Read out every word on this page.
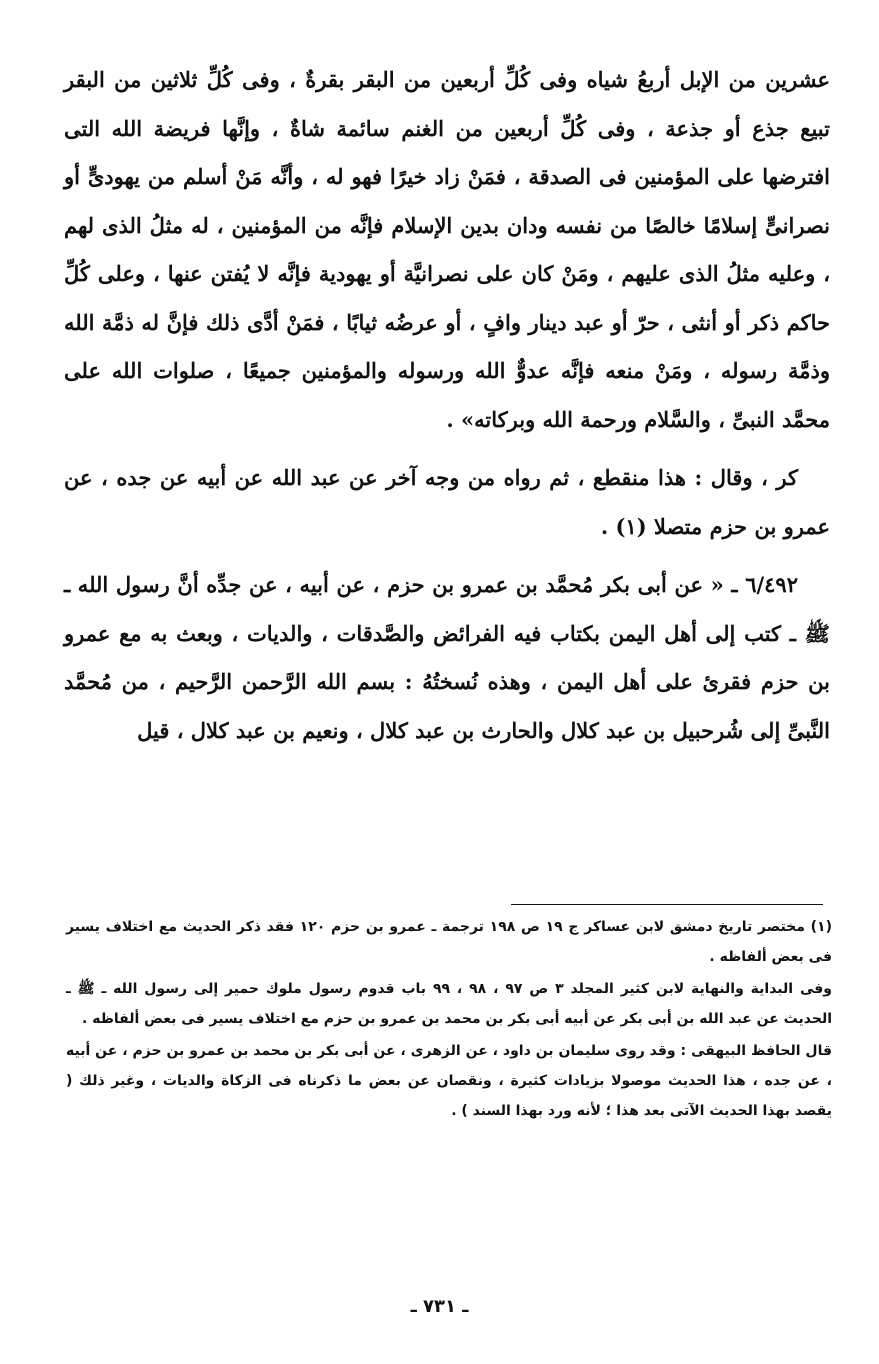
عشرين من الإبل أربعُ شياه وفى كُلِّ أربعين من البقر بقرةٌ ، وفى كُلِّ ثلاثين من البقر تبيع جذع أو جذعة ، وفى كُلِّ أربعين من الغنم سائمة شاةٌ ، وإنَّها فريضة الله التى افترضها على المؤمنين فى الصدقة ، فمَنْ زاد خيرًا فهو له ، وأنَّه مَنْ أسلم من يهودىٍّ أو نصرانىٍّ إسلامًا خالصًا من نفسه ودان بدين الإسلام فإنَّه من المؤمنين ، له مثلُ الذى لهم ، وعليه مثلُ الذى عليهم ، ومَنْ كان على نصرانيَّة أو يهودية فإنَّه لا يُفتن عنها ، وعلى كُلِّ حاكم ذكر أو أنثى ، حرّ أو عبد دينار وافٍ ، أو عرضُه ثيابًا ، فمَنْ أدَّى ذلك فإنَّ له ذمَّة الله وذمَّة رسوله ، ومَنْ منعه فإنَّه عدوٌّ الله ورسوله والمؤمنين جميعًا ، صلوات الله على محمَّد النبىِّ ، والسَّلام ورحمة الله وبركاته» .

كر ، وقال : هذا منقطع ، ثم رواه من وجه آخر عن عبد الله عن أبيه عن جده ، عن عمرو بن حزم متصلا (١) .

٦/٤٩٢ ـ « عن أبى بكر مُحمَّد بن عمرو بن حزم ، عن أبيه ، عن جدِّه أنَّ رسول الله ـ ﷺ ـ كتب إلى أهل اليمن بكتاب فيه الفرائض والصَّدقات ، والديات ، وبعث به مع عمرو بن حزم فقرئ على أهل اليمن ، وهذه نُسختُهُ : بسم الله الرَّحمن الرَّحيم ، من مُحمَّد النَّبىِّ إلى شُرحبيل بن عبد كلال والحارث بن عبد كلال ، ونعيم بن عبد كلال ، قيل

(١) مختصر تاريخ دمشق لابن عساكر ج ١٩ ص ١٩٨ ترجمة ـ عمرو بن حزم ١٢٠ فقد ذكر الحديث مع اختلاف يسير فى بعض ألفاظه .

وفى البداية والنهاية لابن كثير المجلد ٣ ص ٩٧ ، ٩٨ ، ٩٩ باب قدوم رسول ملوك حمير إلى رسول الله ـ ﷺ ـ الحديث عن عبد الله بن أبى بكر عن أبيه أبى بكر بن محمد بن عمرو بن حزم مع اختلاف يسير فى بعض ألفاظه .

قال الحافظ البيهقى : وقد روى سليمان بن داود ، عن الزهرى ، عن أبى بكر بن محمد بن عمرو بن حزم ، عن أبيه ، عن جده ، هذا الحديث موصولا بزيادات كثيرة ، ونقصان عن بعض ما ذكرناه فى الزكاة والديات ، وغير ذلك ( يقصد بهذا الحديث الآتى بعد هذا ؛ لأنه ورد بهذا السند ) .

ـ ٧٣١ ـ
